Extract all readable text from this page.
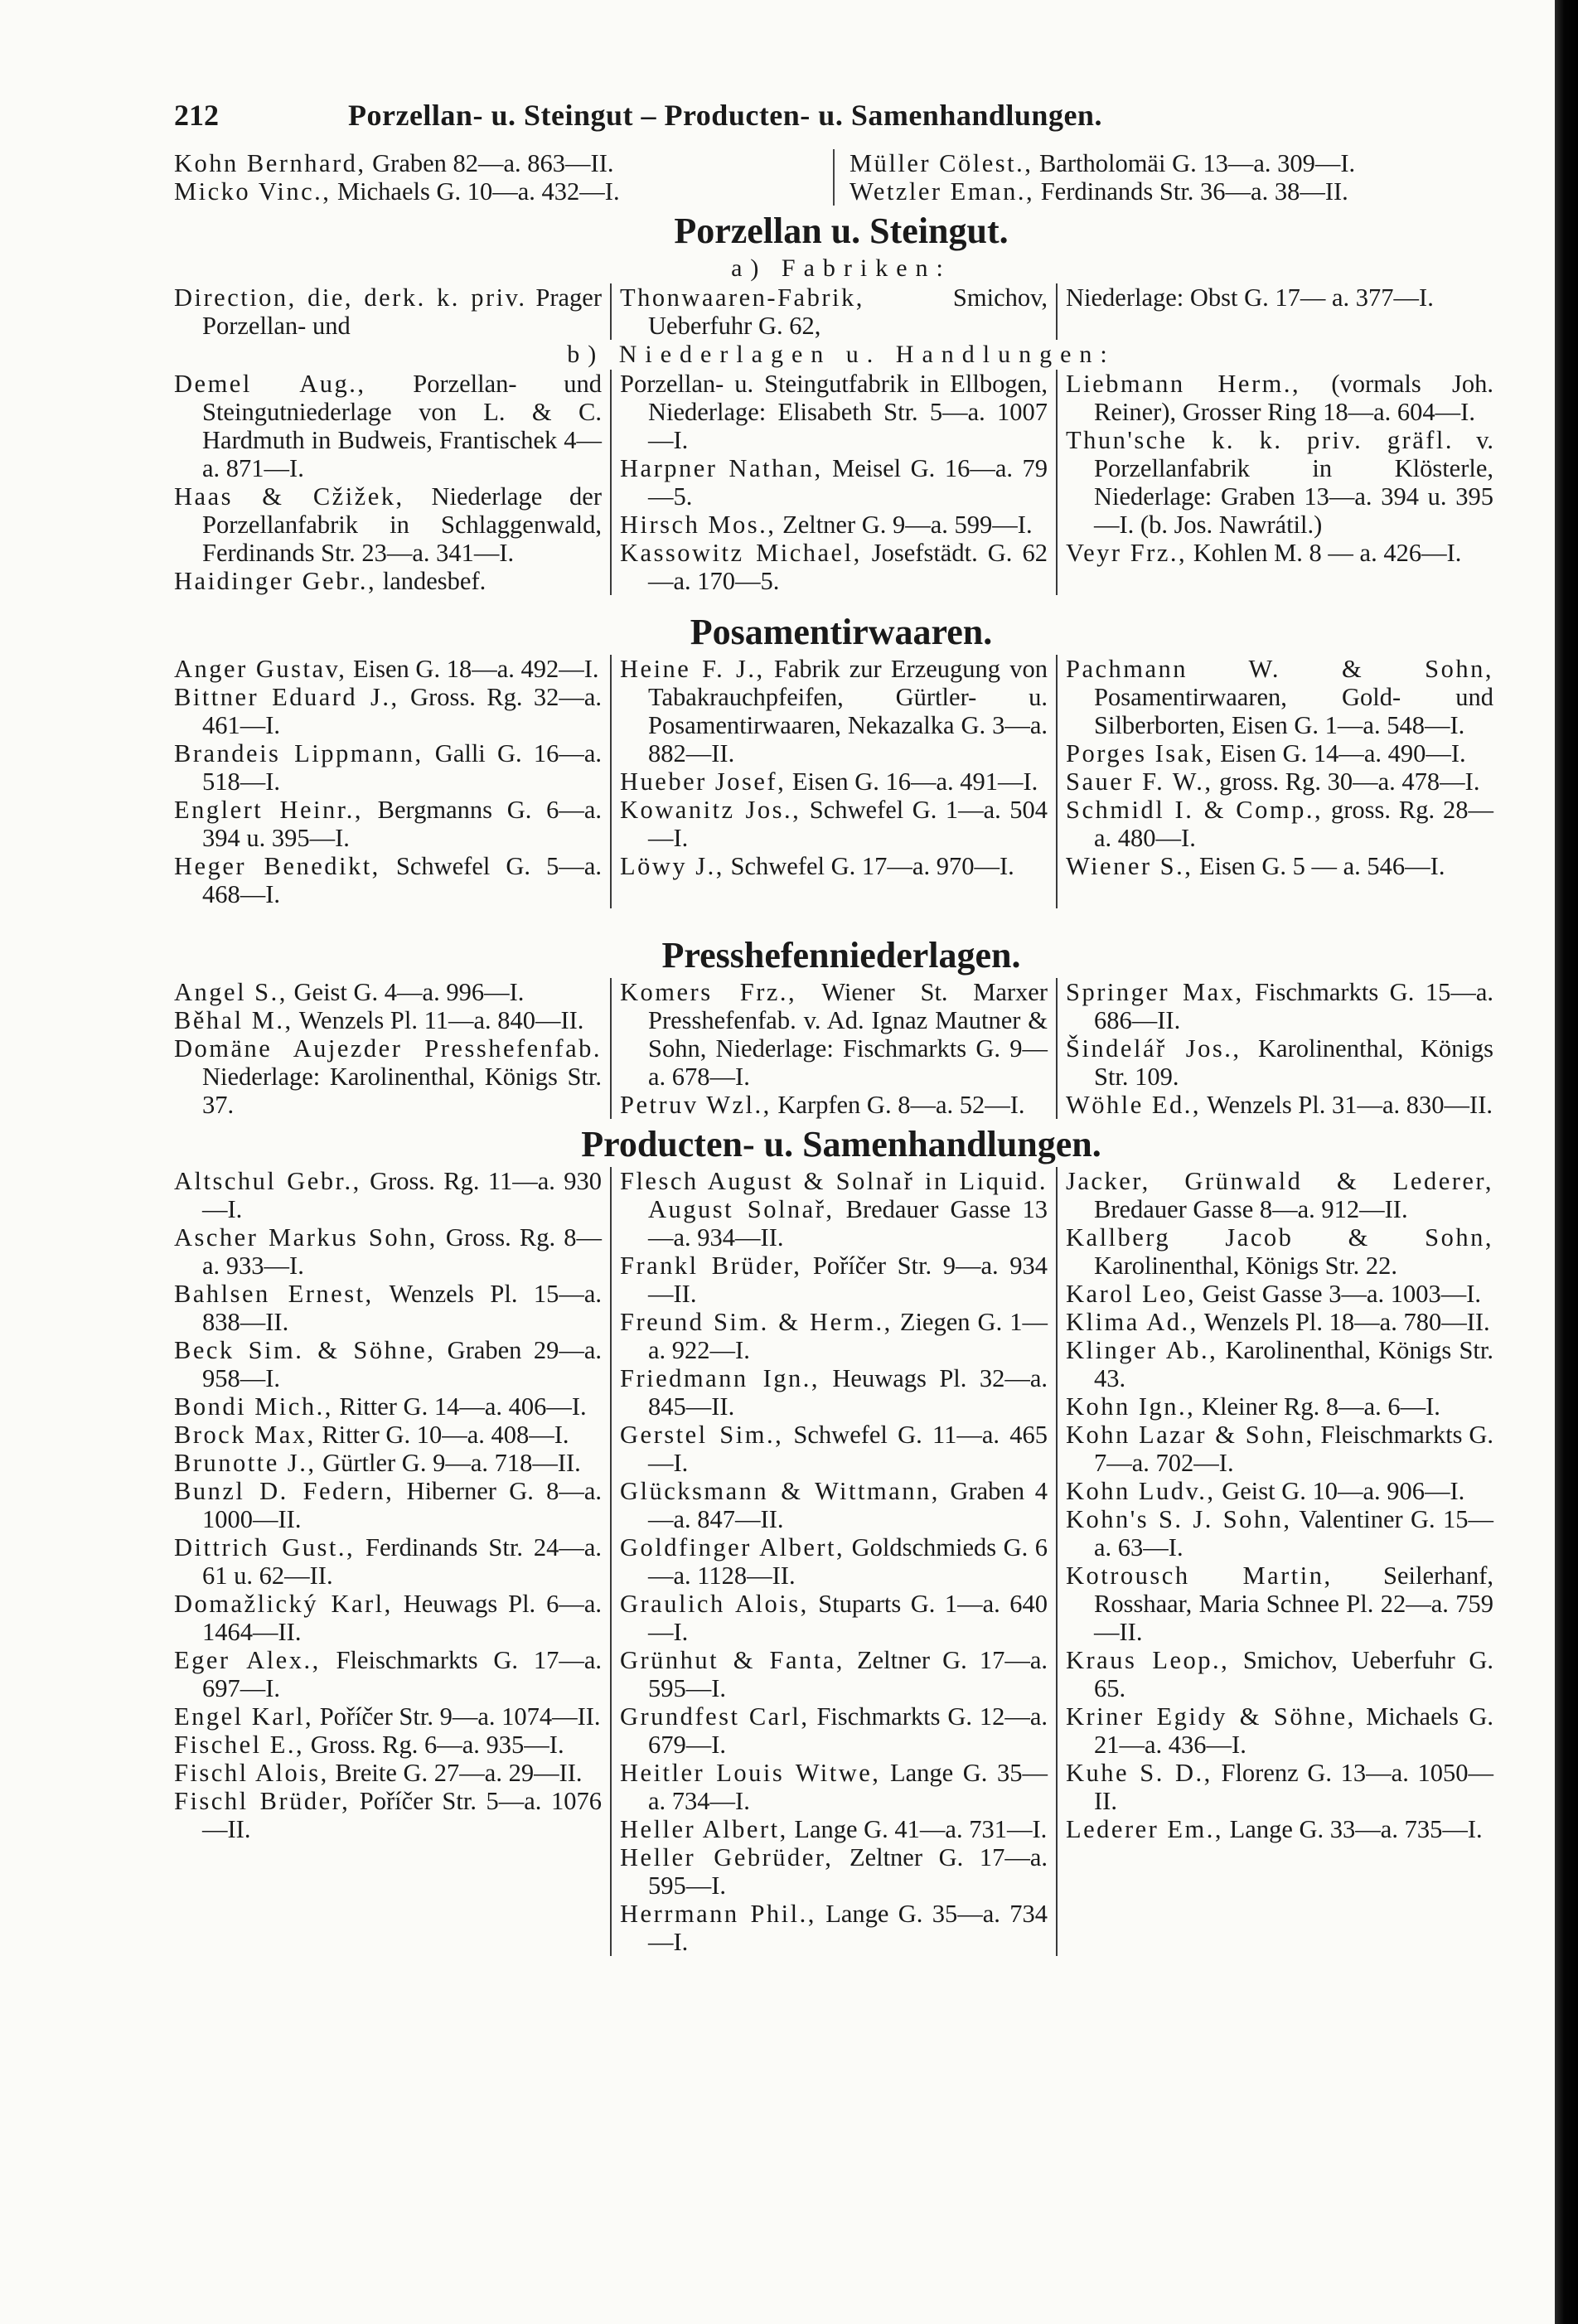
212	Porzellan- u. Steingut – Producten- u. Samenhandlungen.

Kohn Bernhard, Graben 82—a. 863—II.

Micko Vinc., Michaels G. 10—a. 432—I.

Müller Cölest., Bartholomäi G. 13—a. 309—I.

Wetzler Eman., Ferdinands Str. 36—a. 38—II.

Porzellan u. Steingut.
a) Fabriken:

Direction, die, derk. k. priv. Prager Porzellan- und

Thonwaaren-Fabrik, Smichov, Ueberfuhr G. 62,

Niederlage: Obst G. 17— a. 377—I.

b) Niederlagen u. Handlungen:

Demel Aug., Porzellan- und Steingutniederlage von L. & C. Hardmuth in Budweis, Frantischek 4—a. 871—I.

Haas & Cžižek, Niederlage der Porzellanfabrik in Schlaggenwald, Ferdinands Str. 23—a. 341—I.

Haidinger Gebr., landesbef.

Porzellan- u. Steingutfabrik in Ellbogen, Niederlage: Elisabeth Str. 5—a. 1007—I.

Harpner Nathan, Meisel G. 16—a. 79—5.

Hirsch Mos., Zeltner G. 9—a. 599—I.

Kassowitz Michael, Josefstädt. G. 62—a. 170—5.

Liebmann Herm., (vormals Joh. Reiner), Grosser Ring 18—a. 604—I.

Thun'sche k. k. priv. gräfl. v. Porzellanfabrik in Klösterle, Niederlage: Graben 13—a. 394 u. 395—I. (b. Jos. Nawrátil.)

Veyr Frz., Kohlen M. 8 — a. 426—I.

Posamentirwaaren.

Anger Gustav, Eisen G. 18—a. 492—I.

Bittner Eduard J., Gross. Rg. 32—a. 461—I.

Brandeis Lippmann, Galli G. 16—a. 518—I.

Englert Heinr., Bergmanns G. 6—a. 394 u. 395—I.

Heger Benedikt, Schwefel G. 5—a. 468—I.

Heine F. J., Fabrik zur Erzeugung von Tabakrauchpfeifen, Gürtler- u. Posamentirwaaren, Nekazalka G. 3—a. 882—II.

Hueber Josef, Eisen G. 16—a. 491—I.

Kowanitz Jos., Schwefel G. 1—a. 504—I.

Löwy J., Schwefel G. 17—a. 970—I.

Pachmann W. & Sohn, Posamentirwaaren, Gold- und Silberborten, Eisen G. 1—a. 548—I.

Porges Isak, Eisen G. 14—a. 490—I.

Sauer F. W., gross. Rg. 30—a. 478—I.

Schmidl I. & Comp., gross. Rg. 28—a. 480—I.

Wiener S., Eisen G. 5 — a. 546—I.

Presshefenniederlagen.

Angel S., Geist G. 4—a. 996—I.

Běhal M., Wenzels Pl. 11—a. 840—II.

Domäne Aujezder Presshefenfab. Niederlage: Karolinenthal, Königs Str. 37.

Komers Frz., Wiener St. Marxer Presshefenfab. v. Ad. Ignaz Mautner & Sohn, Niederlage: Fischmarkts G. 9—a. 678—I.

Petruv Wzl., Karpfen G. 8—a. 52—I.

Springer Max, Fischmarkts G. 15—a. 686—II.

Šindelář Jos., Karolinenthal, Königs Str. 109.

Wöhle Ed., Wenzels Pl. 31—a. 830—II.

Producten- u. Samenhandlungen.

Altschul Gebr., Gross. Rg. 11—a. 930—I.

Ascher Markus Sohn, Gross. Rg. 8—a. 933—I.

Bahlsen Ernest, Wenzels Pl. 15—a. 838—II.

Beck Sim. & Söhne, Graben 29—a. 958—I.

Bondi Mich., Ritter G. 14—a. 406—I.

Brock Max, Ritter G. 10—a. 408—I.

Brunotte J., Gürtler G. 9—a. 718—II.

Bunzl D. Federn, Hiberner G. 8—a. 1000—II.

Dittrich Gust., Ferdinands Str. 24—a. 61 u. 62—II.

Domažlický Karl, Heuwags Pl. 6—a. 1464—II.

Eger Alex., Fleischmarkts G. 17—a. 697—I.

Engel Karl, Poříčer Str. 9—a. 1074—II.

Fischel E., Gross. Rg. 6—a. 935—I.

Fischl Alois, Breite G. 27—a. 29—II.

Fischl Brüder, Poříčer Str. 5—a. 1076—II.

Flesch August & Solnař in Liquid. August Solnař, Bredauer Gasse 13—a. 934—II.

Frankl Brüder, Poříčer Str. 9—a. 934—II.

Freund Sim. & Herm., Ziegen G. 1—a. 922—I.

Friedmann Ign., Heuwags Pl. 32—a. 845—II.

Gerstel Sim., Schwefel G. 11—a. 465—I.

Glücksmann & Wittmann, Graben 4—a. 847—II.

Goldfinger Albert, Goldschmieds G. 6—a. 1128—II.

Graulich Alois, Stuparts G. 1—a. 640—I.

Grünhut & Fanta, Zeltner G. 17—a. 595—I.

Grundfest Carl, Fischmarkts G. 12—a. 679—I.

Heitler Louis Witwe, Lange G. 35—a. 734—I.

Heller Albert, Lange G. 41—a. 731—I.

Heller Gebrüder, Zeltner G. 17—a. 595—I.

Herrmann Phil., Lange G. 35—a. 734—I.

Jacker, Grünwald & Lederer, Bredauer Gasse 8—a. 912—II.

Kallberg Jacob & Sohn, Karolinenthal, Königs Str. 22.

Karol Leo, Geist Gasse 3—a. 1003—I.

Klima Ad., Wenzels Pl. 18—a. 780—II.

Klinger Ab., Karolinenthal, Königs Str. 43.

Kohn Ign., Kleiner Rg. 8—a. 6—I.

Kohn Lazar & Sohn, Fleischmarkts G. 7—a. 702—I.

Kohn Ludv., Geist G. 10—a. 906—I.

Kohn's S. J. Sohn, Valentiner G. 15—a. 63—I.

Kotrousch Martin, Seilerhanf, Rosshaar, Maria Schnee Pl. 22—a. 759—II.

Kraus Leop., Smichov, Ueberfuhr G. 65.

Kriner Egidy & Söhne, Michaels G. 21—a. 436—I.

Kuhe S. D., Florenz G. 13—a. 1050—II.

Lederer Em., Lange G. 33—a. 735—I.
